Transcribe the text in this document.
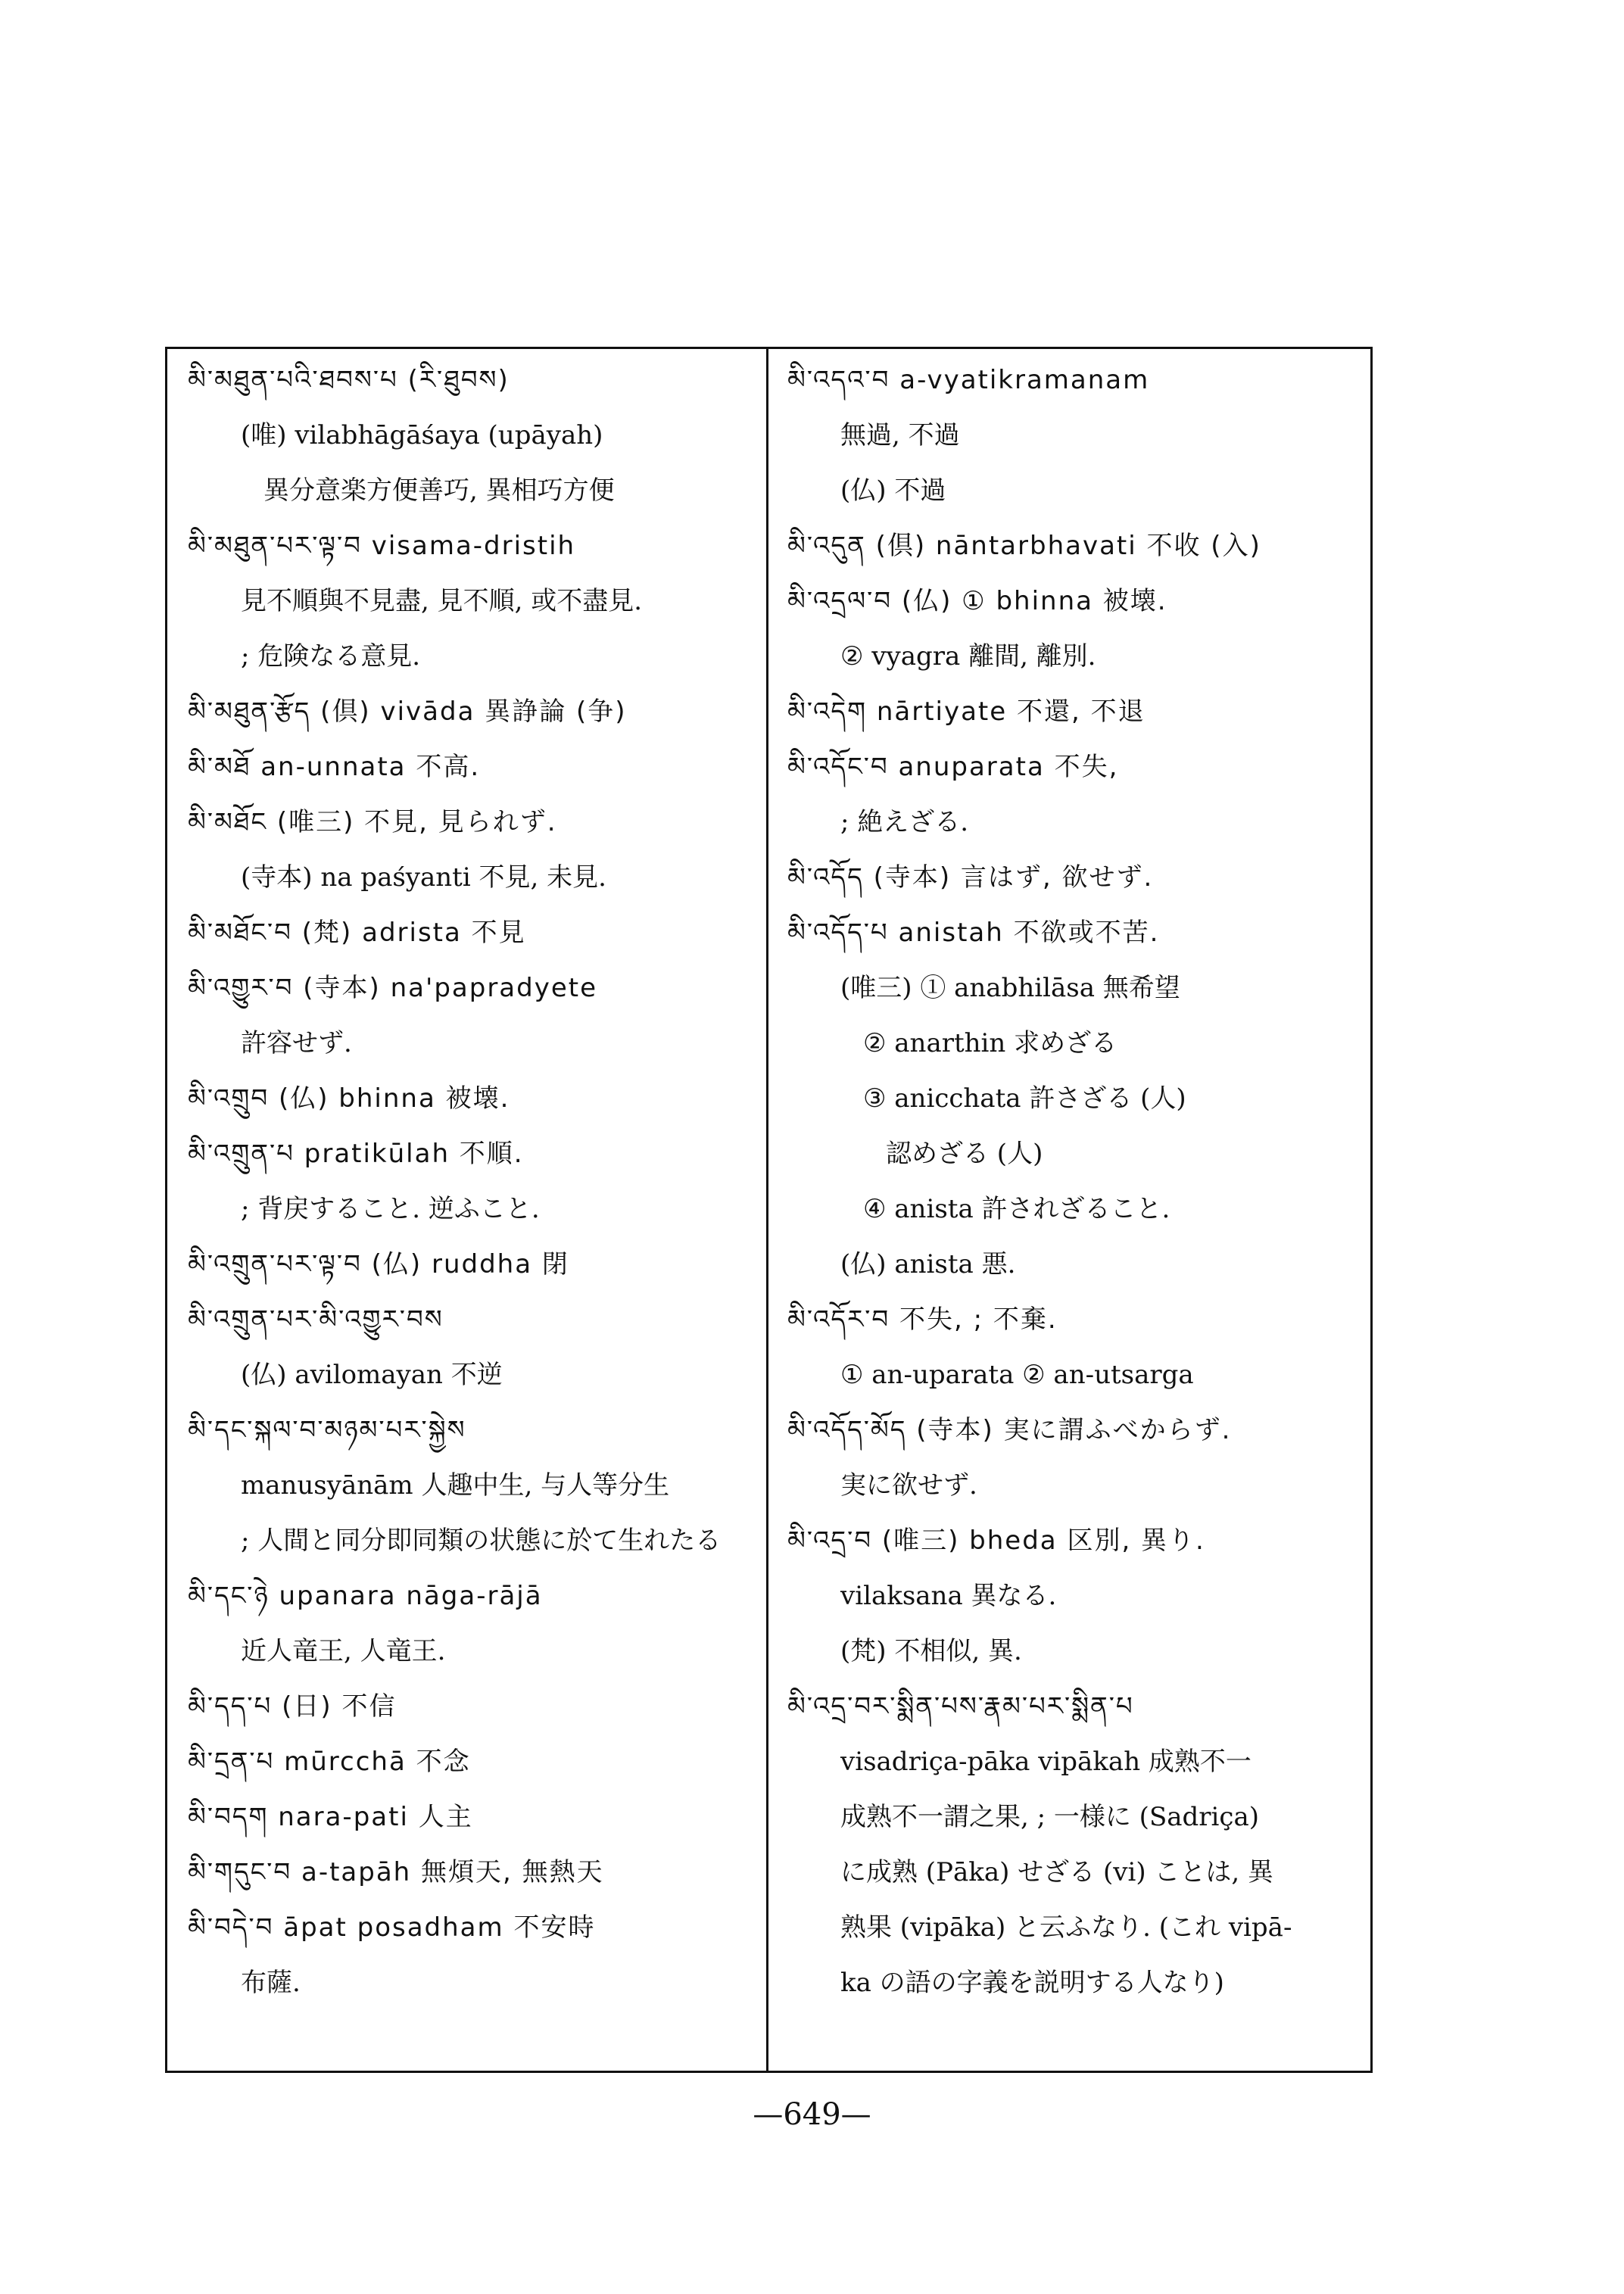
མི་མཐུན་པའི་ཐབས་པ (རི་ཐུབས)
(唯) vilabhāgāśaya (upāyah)
異分意楽方便善巧, 異相巧方便
མི་མཐུན་པར་ལྟ་བ visama-dristih
見不順與不見盡, 見不順, 或不盡見.
; 危険なる意見.
མི་མཐུན་རྩོད (倶) vivāda 異諍論 (争)
མི་མཐོ an-unnata 不高.
མི་མཐོང (唯三) 不見, 見られず.
(寺本) na paśyanti 不見, 未見.
མི་མཐོང་བ (梵) adrista 不見
མི་འགྱུར་བ (寺本) na'papradyete
許容せず.
མི་འགྲུབ (仏) bhinna 被壊.
མི་འགྲུན་པ pratikūlah 不順.
; 背戻すること. 逆ふこと.
མི་འགྲུན་པར་ལྟ་བ (仏) ruddha 閉
མི་འགྲུན་པར་མི་འགྱུར་བས
(仏) avilomayan 不逆
མི་དང་སྐལ་བ་མཉམ་པར་སྐྱེས
manusyānām 人趣中生, 与人等分生
; 人間と同分即同類の状態に於て生れたる
མི་དང་ཉེ upanara nāga-rājā
近人竜王, 人竜王.
མི་དད་པ (日) 不信
མི་དྲན་པ mūrcchā 不念
མི་བདག nara-pati 人主
མི་གདུང་བ a-tapāh 無煩天, 無熱天
མི་བདེ་བ āpat posadham 不安時
布薩.
མི་འདའ་བ a-vyatikramanam
無過, 不過
(仏) 不過
མི་འདུན (倶) nāntarbhavati 不收 (入)
མི་འདྲལ་བ (仏) ① bhinna 被壊.
② vyagra 離間, 離別.
མི་འདེག nārtiyate 不還, 不退
མི་འདོང་བ anuparata 不失,
; 絶えざる.
མི་འདོད (寺本) 言はず, 欲せず.
མི་འདོད་པ anistah 不欲或不苦.
(唯三) ① anabhilāsa 無希望
② anarthin 求めざる
③ anicchata 許さざる (人)
認めざる (人)
④ anista 許されざること.
(仏) anista 悪.
མི་འདོར་བ 不失, ; 不棄.
① an-uparata ② an-utsarga
མི་འདོད་མོད (寺本) 実に謂ふべからず.
実に欲せず.
མི་འདྲ་བ (唯三) bheda 区別, 異り.
vilaksana 異なる.
(梵) 不相似, 異.
མི་འདྲ་བར་སྨིན་པས་རྣམ་པར་སྨིན་པ
visadriça-pāka vipākah 成熟不一
成熟不一謂之果, ; 一様に (Sadriça)
に成熟 (Pāka) せざる (vi) ことは, 異
熟果 (vipāka) と云ふなり. (これ vipā-
ka の語の字義を説明する人なり)
—649—
